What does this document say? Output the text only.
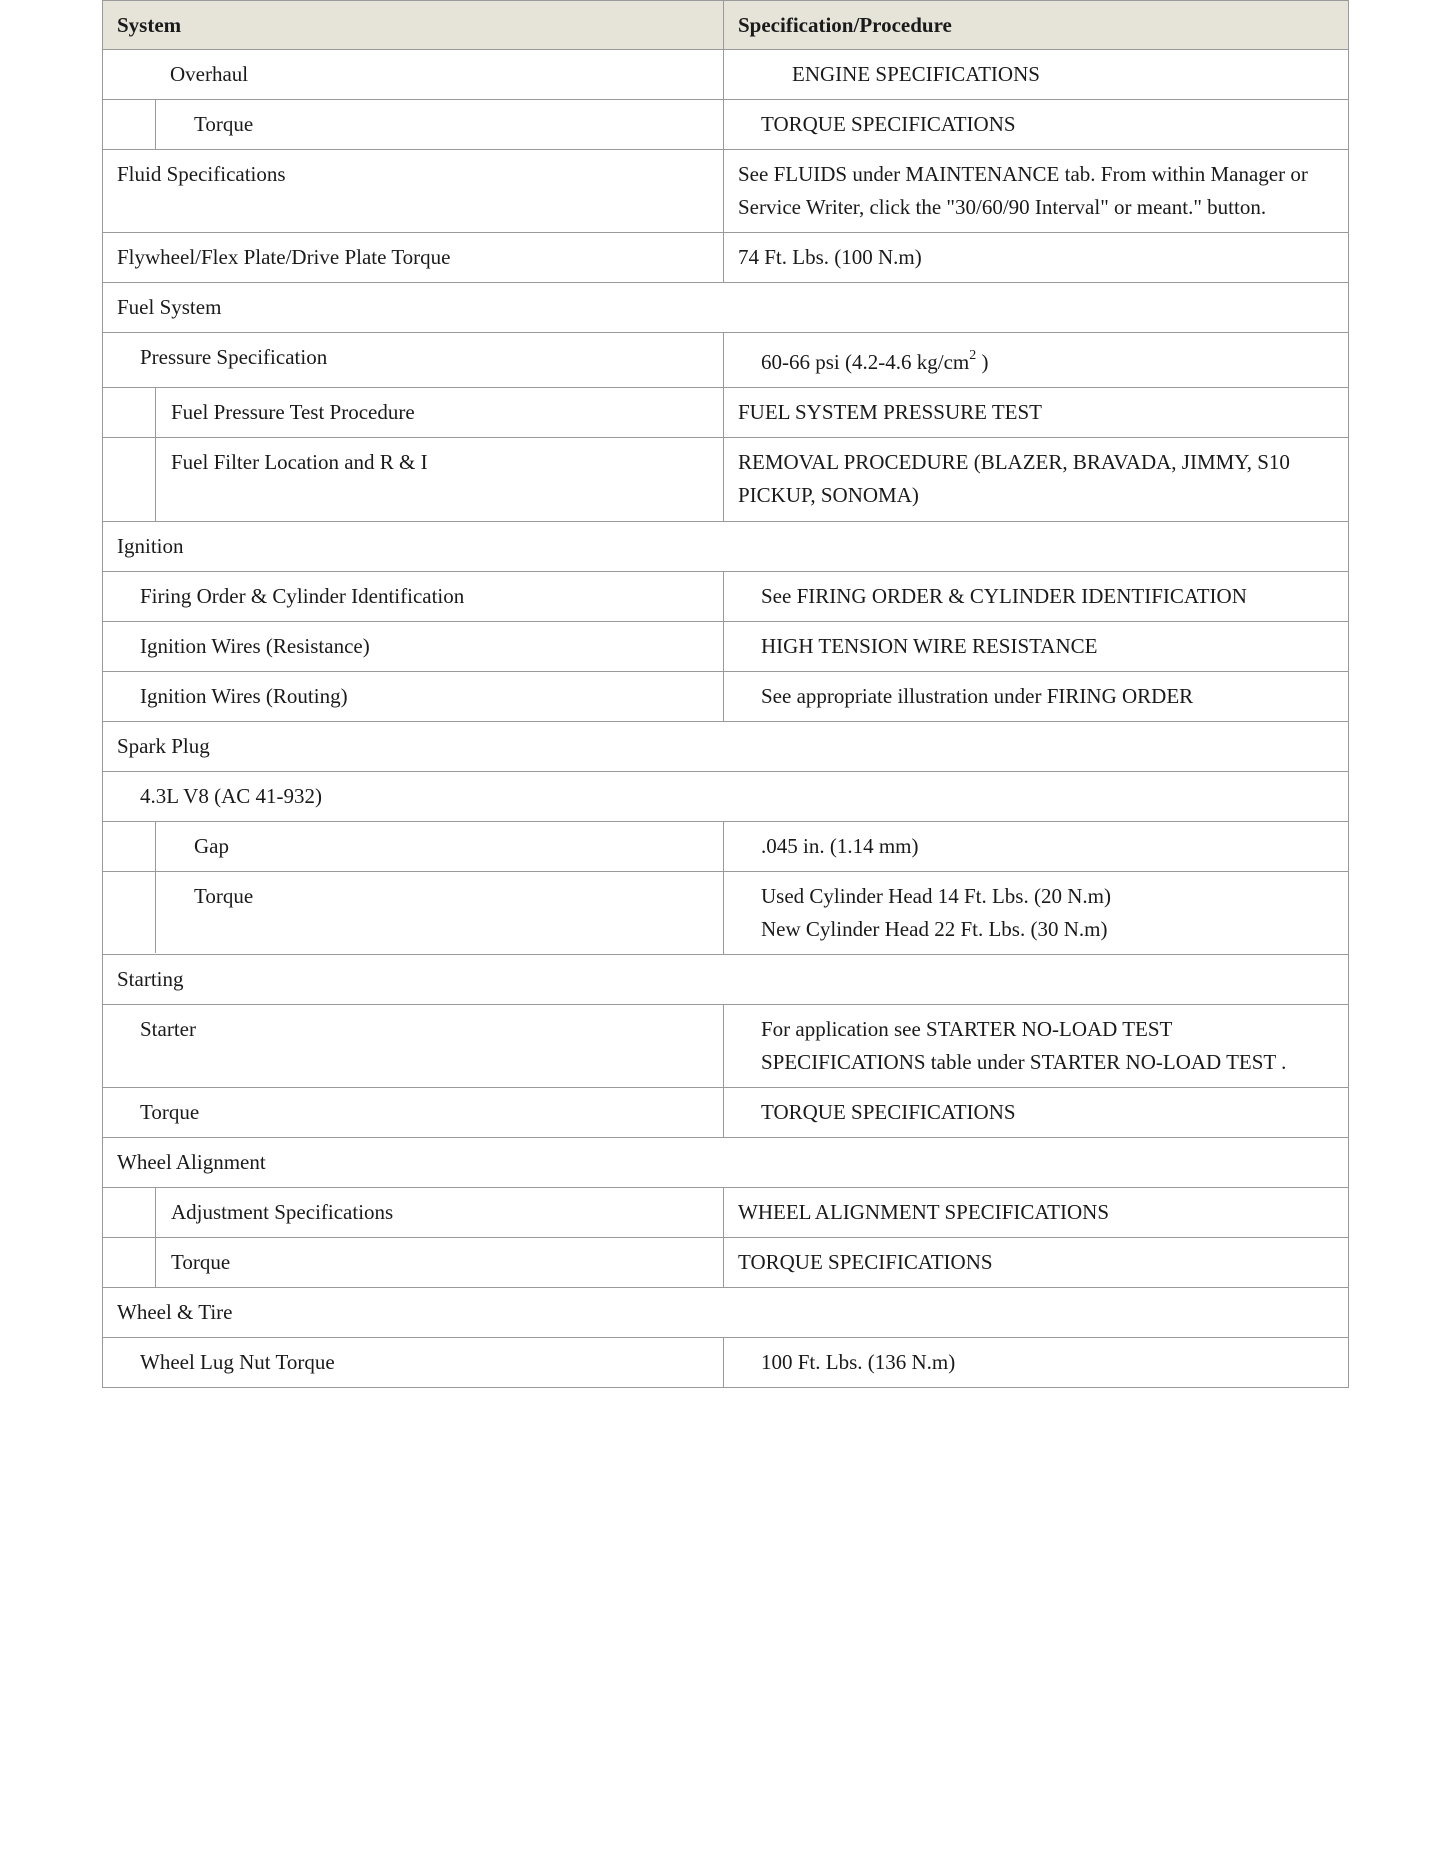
System	Specification/Procedure

Overhaul	ENGINE SPECIFICATIONS

Torque	TORQUE SPECIFICATIONS

Fluid Specifications	See FLUIDS under MAINTENANCE tab. From within Manager or Service Writer, click the "30/60/90 Interval" or meant." button.

Flywheel/Flex Plate/Drive Plate Torque	74 Ft. Lbs. (100 N.m)

Fuel System	

Pressure Specification	60-66 psi (4.2-4.6 $kg/cm^2$ )

Fuel Pressure Test Procedure	FUEL SYSTEM PRESSURE TEST

Fuel Filter Location and R & I	REMOVAL PROCEDURE (BLAZER, BRAVADA, JIMMY, S10 PICKUP, SONOMA)

Ignition	

Firing Order & Cylinder Identification	See FIRING ORDER & CYLINDER IDENTIFICATION

Ignition Wires (Resistance)	HIGH TENSION WIRE RESISTANCE

Ignition Wires (Routing)	See appropriate illustration under FIRING ORDER

Spark Plug	

4.3L V8 (AC 41-932)	

Gap	.045 in. (1.14 mm)

Torque	Used Cylinder Head 14 Ft. Lbs. (20 N.m)
New Cylinder Head 22 Ft. Lbs. (30 N.m)

Starting	

Starter	For application see STARTER NO-LOAD TEST SPECIFICATIONS table under STARTER NO-LOAD TEST .

Torque	TORQUE SPECIFICATIONS

Wheel Alignment	

Adjustment Specifications	WHEEL ALIGNMENT SPECIFICATIONS

Torque	TORQUE SPECIFICATIONS

Wheel & Tire	

Wheel Lug Nut Torque	100 Ft. Lbs. (136 N.m)
